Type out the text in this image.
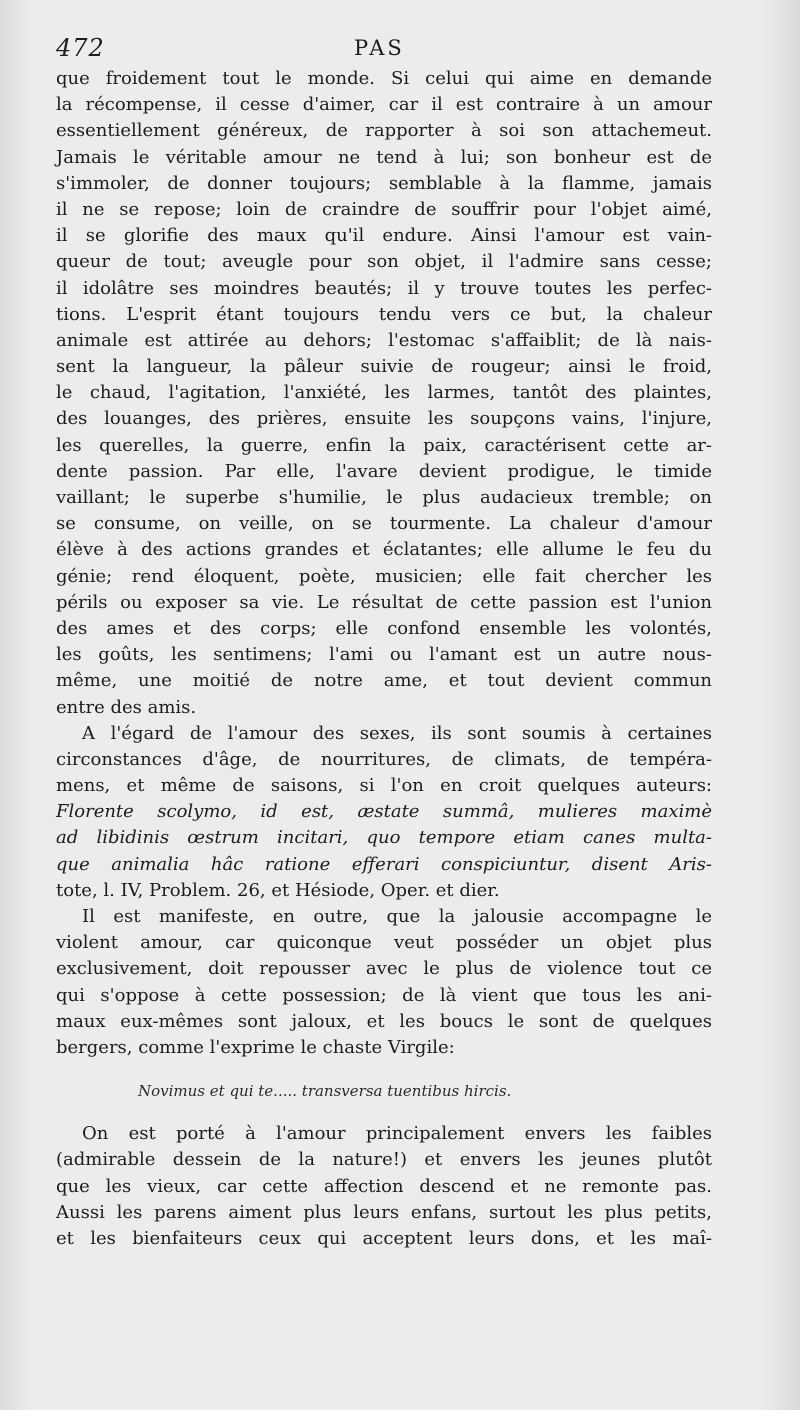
472	PAS
que froidement tout le monde. Si celui qui aime en demande
la récompense, il cesse d'aimer, car il est contraire à un amour
essentiellement généreux, de rapporter à soi son attachemeut.
Jamais le véritable amour ne tend à lui; son bonheur est de
s'immoler, de donner toujours; semblable à la flamme, jamais
il ne se repose; loin de craindre de souffrir pour l'objet aimé,
il se glorifie des maux qu'il endure. Ainsi l'amour est vain-
queur de tout; aveugle pour son objet, il l'admire sans cesse;
il idolâtre ses moindres beautés; il y trouve toutes les perfec-
tions. L'esprit étant toujours tendu vers ce but, la chaleur
animale est attirée au dehors; l'estomac s'affaiblit; de là nais-
sent la langueur, la pâleur suivie de rougeur; ainsi le froid,
le chaud, l'agitation, l'anxiété, les larmes, tantôt des plaintes,
des louanges, des prières, ensuite les soupçons vains, l'injure,
les querelles, la guerre, enfin la paix, caractérisent cette ar-
dente passion. Par elle, l'avare devient prodigue, le timide
vaillant; le superbe s'humilie, le plus audacieux tremble; on
se consume, on veille, on se tourmente. La chaleur d'amour
élève à des actions grandes et éclatantes; elle allume le feu du
génie; rend éloquent, poète, musicien; elle fait chercher les
périls ou exposer sa vie. Le résultat de cette passion est l'union
des ames et des corps; elle confond ensemble les volontés,
les goûts, les sentimens; l'ami ou l'amant est un autre nous-
même, une moitié de notre ame, et tout devient commun
entre des amis.
A l'égard de l'amour des sexes, ils sont soumis à certaines
circonstances d'âge, de nourritures, de climats, de tempéra-
mens, et même de saisons, si l'on en croit quelques auteurs:
Florente scolymo, id est, æstate summâ, mulieres maximè
ad libidinis œstrum incitari, quo tempore etiam canes multa-
que animalia hâc ratione efferari conspiciuntur, disent Aris-
tote, l. IV, Problem. 26, et Hésiode, Oper. et dier.
Il est manifeste, en outre, que la jalousie accompagne le
violent amour, car quiconque veut posséder un objet plus
exclusivement, doit repousser avec le plus de violence tout ce
qui s'oppose à cette possession; de là vient que tous les ani-
maux eux-mêmes sont jaloux, et les boucs le sont de quelques
bergers, comme l'exprime le chaste Virgile:
Novimus et qui te..... transversa tuentibus hircis.
On est porté à l'amour principalement envers les faibles
(admirable dessein de la nature!) et envers les jeunes plutôt
que les vieux, car cette affection descend et ne remonte pas.
Aussi les parens aiment plus leurs enfans, surtout les plus petits,
et les bienfaiteurs ceux qui acceptent leurs dons, et les maî-
